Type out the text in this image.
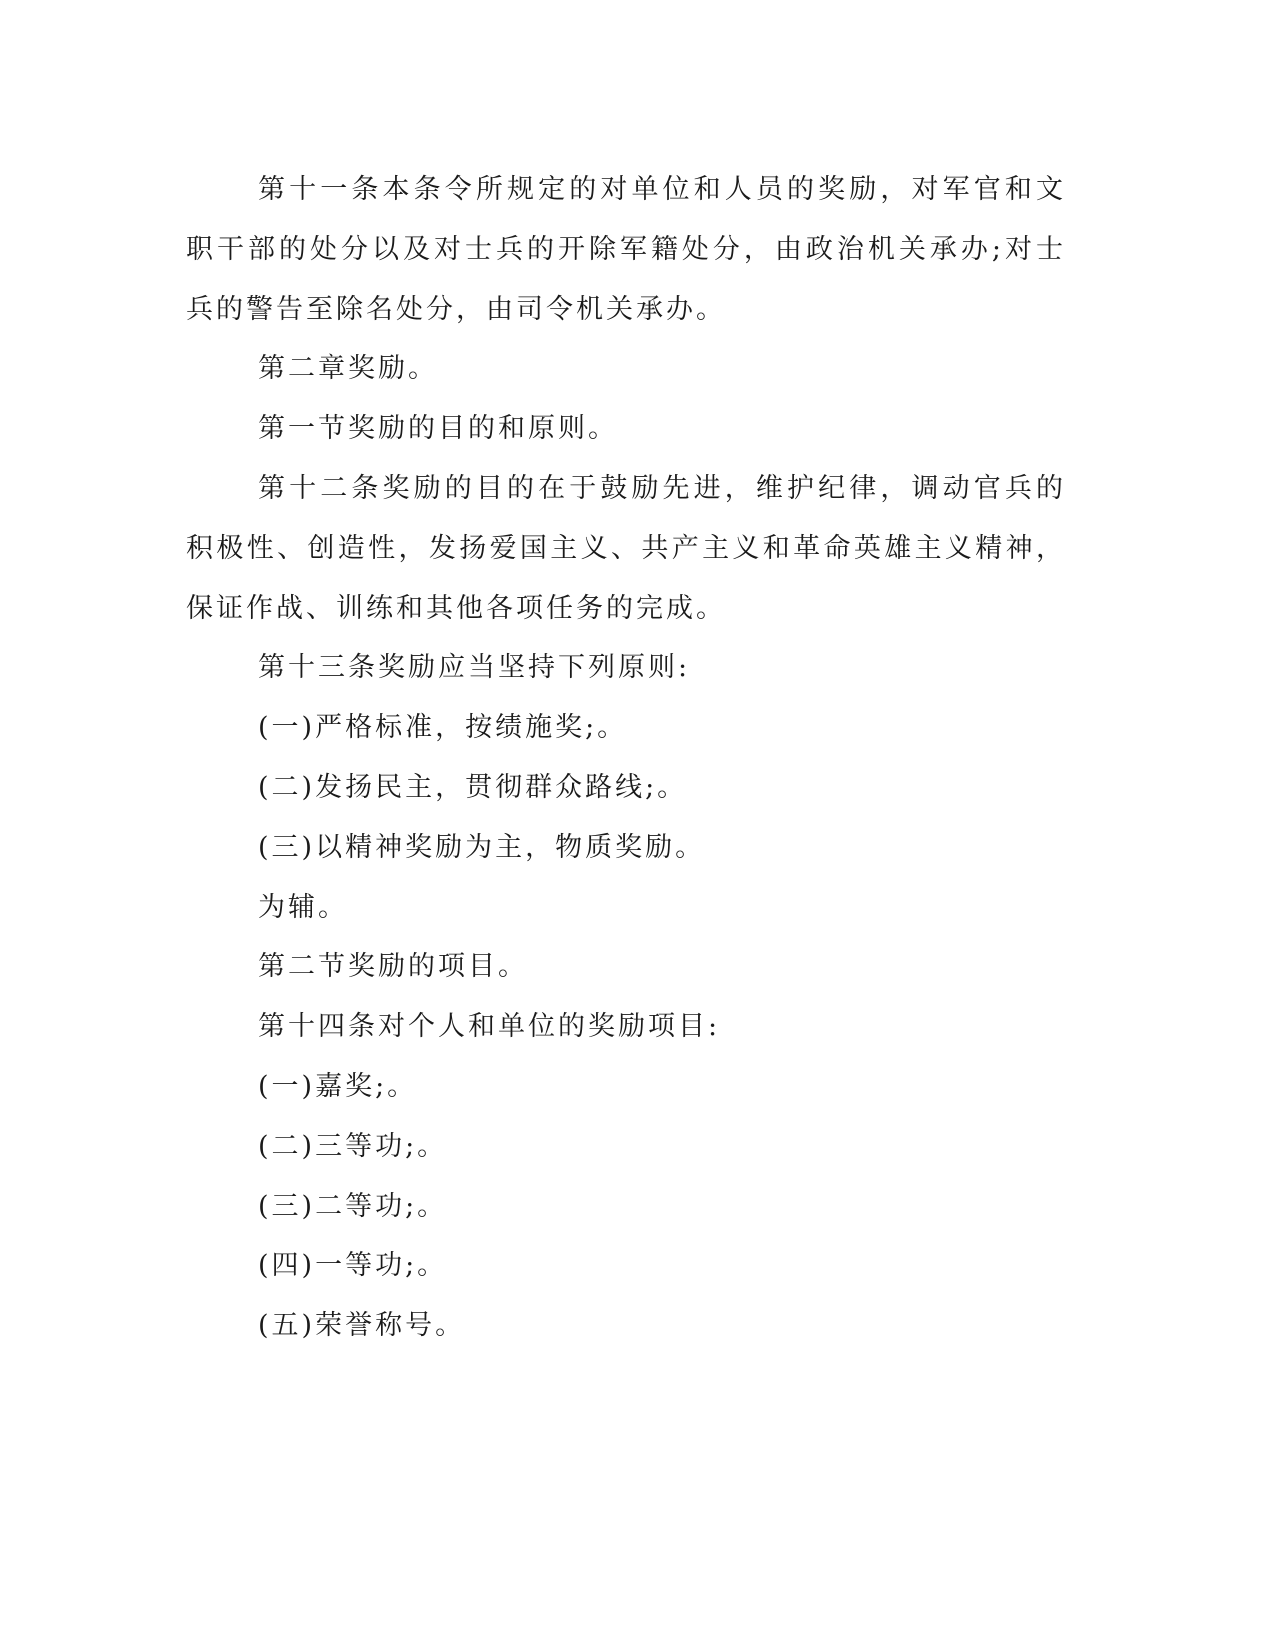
第十一条本条令所规定的对单位和人员的奖励，对军官和文职干部的处分以及对士兵的开除军籍处分，由政治机关承办;对士兵的警告至除名处分，由司令机关承办。

第二章奖励。

第一节奖励的目的和原则。

第十二条奖励的目的在于鼓励先进，维护纪律，调动官兵的积极性、创造性，发扬爱国主义、共产主义和革命英雄主义精神，保证作战、训练和其他各项任务的完成。

第十三条奖励应当坚持下列原则:

(一)严格标准，按绩施奖;。

(二)发扬民主，贯彻群众路线;。

(三)以精神奖励为主，物质奖励。

为辅。

第二节奖励的项目。

第十四条对个人和单位的奖励项目:

(一)嘉奖;。

(二)三等功;。

(三)二等功;。

(四)一等功;。

(五)荣誉称号。
